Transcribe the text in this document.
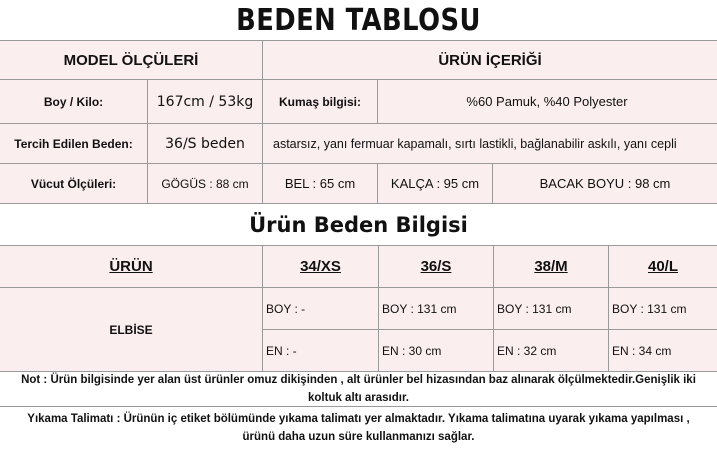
BEDEN TABLOSU
MODEL ÖLÇÜLERİ	ÜRÜN İÇERİĞİ
Boy / Kilo:	167cm / 53kg	Kumaş bilgisi:	%60 Pamuk, %40 Polyester
Tercih Edilen Beden:	36/S beden	astarsız, yanı fermuar kapamalı, sırtı lastikli, bağlanabilir askılı, yanı cepli
Vücut Ölçüleri:	GÖGÜS : 88 cm	BEL : 65 cm	KALÇA : 95 cm	BACAK BOYU : 98 cm
Ürün Beden Bilgisi
ÜRÜN	34/XS	36/S	38/M	40/L
ELBİSE
BOY : -	BOY : 131 cm	BOY : 131 cm	BOY : 131 cm
EN : -	EN : 30 cm	EN : 32 cm	EN : 34 cm
Not : Ürün bilgisinde yer alan üst ürünler omuz dikişinden , alt ürünler bel hizasından baz alınarak ölçülmektedir.Genişlik iki koltuk altı arasıdır.
Yıkama Talimatı : Ürünün iç etiket bölümünde yıkama talimatı yer almaktadır. Yıkama talimatına uyarak yıkama yapılması , ürünü daha uzun süre kullanmanızı sağlar.
